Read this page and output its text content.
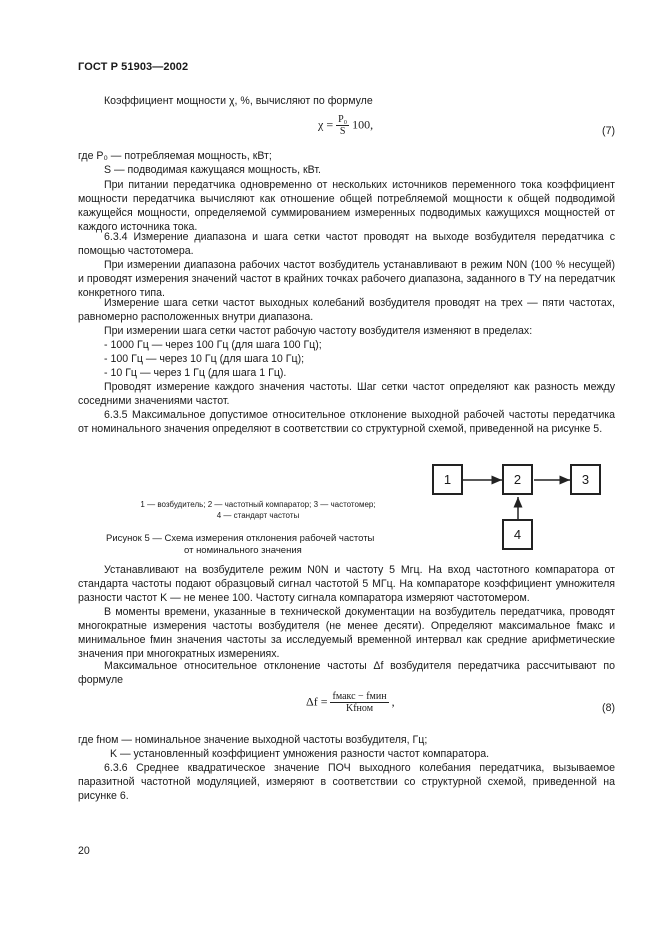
ГОСТ Р 51903—2002
Коэффициент мощности χ, %, вычисляют по формуле
$\chi = \frac{\text{P₀}}{S} 100$,	(7)
где P₀ — потребляемая мощность, кВт;
S — подводимая кажущаяся мощность, кВт.
При питании передатчика одновременно от нескольких источников переменного тока коэффициент мощности передатчика вычисляют как отношение общей потребляемой мощности к общей подводимой кажущейся мощности, определяемой суммированием измеренных подводимых кажущихся мощностей от каждого источника тока.
6.3.4 Измерение диапазона и шага сетки частот проводят на выходе возбудителя передатчика с помощью частотомера.
При измерении диапазона рабочих частот возбудитель устанавливают в режим N0N (100 % несущей) и проводят измерения значений частот в крайних точках рабочего диапазона, заданного в ТУ на передатчик конкретного типа.
Измерение шага сетки частот выходных колебаний возбудителя проводят на трех — пяти частотах, равномерно расположенных внутри диапазона.
При измерении шага сетки частот рабочую частоту возбудителя изменяют в пределах:
- 1000 Гц — через 100 Гц (для шага 100 Гц);
- 100 Гц — через 10 Гц (для шага 10 Гц);
- 10 Гц — через 1 Гц (для шага 1 Гц).
Проводят измерение каждого значения частоты. Шаг сетки частот определяют как разность между соседними значениями частот.
6.3.5 Максимальное допустимое относительное отклонение выходной рабочей частоты передатчика от номинального значения определяют в соответствии со структурной схемой, приведенной на рисунке 5.
1 — возбудитель; 2 — частотный компаратор; 3 — частотомер;
4 — стандарт частоты
1	2	3
4
Рисунок 5 — Схема измерения отклонения рабочей частоты
от номинального значения
Устанавливают на возбудителе режим N0N и частоту 5 Мгц. На вход частотного компаратора от стандарта частоты подают образцовый сигнал частотой 5 МГц. На компараторе коэффициент умножителя разности частот K — не менее 100. Частоту сигнала компаратора измеряют частотомером.
В моменты времени, указанные в технической документации на возбудитель передатчика, проводят многократные измерения частоты возбудителя (не менее десяти). Определяют максимальное fмакс и минимальное fмин значения частоты за исследуемый временной интервал как средние арифметические значения при многократных измерениях.
Максимальное относительное отклонение частоты Δf возбудителя передатчика рассчитывают по формуле
$\Delta f = \frac{\text{fмакс − fмин}}{\text{Kfном}}$ ,	(8)
где fном — номинальное значение выходной частоты возбудителя, Гц;
K — установленный коэффициент умножения разности частот компаратора.
6.3.6 Среднее квадратическое значение ПОЧ выходного колебания передатчика, вызываемое паразитной частотной модуляцией, измеряют в соответствии со структурной схемой, приведенной на рисунке 6.
20
